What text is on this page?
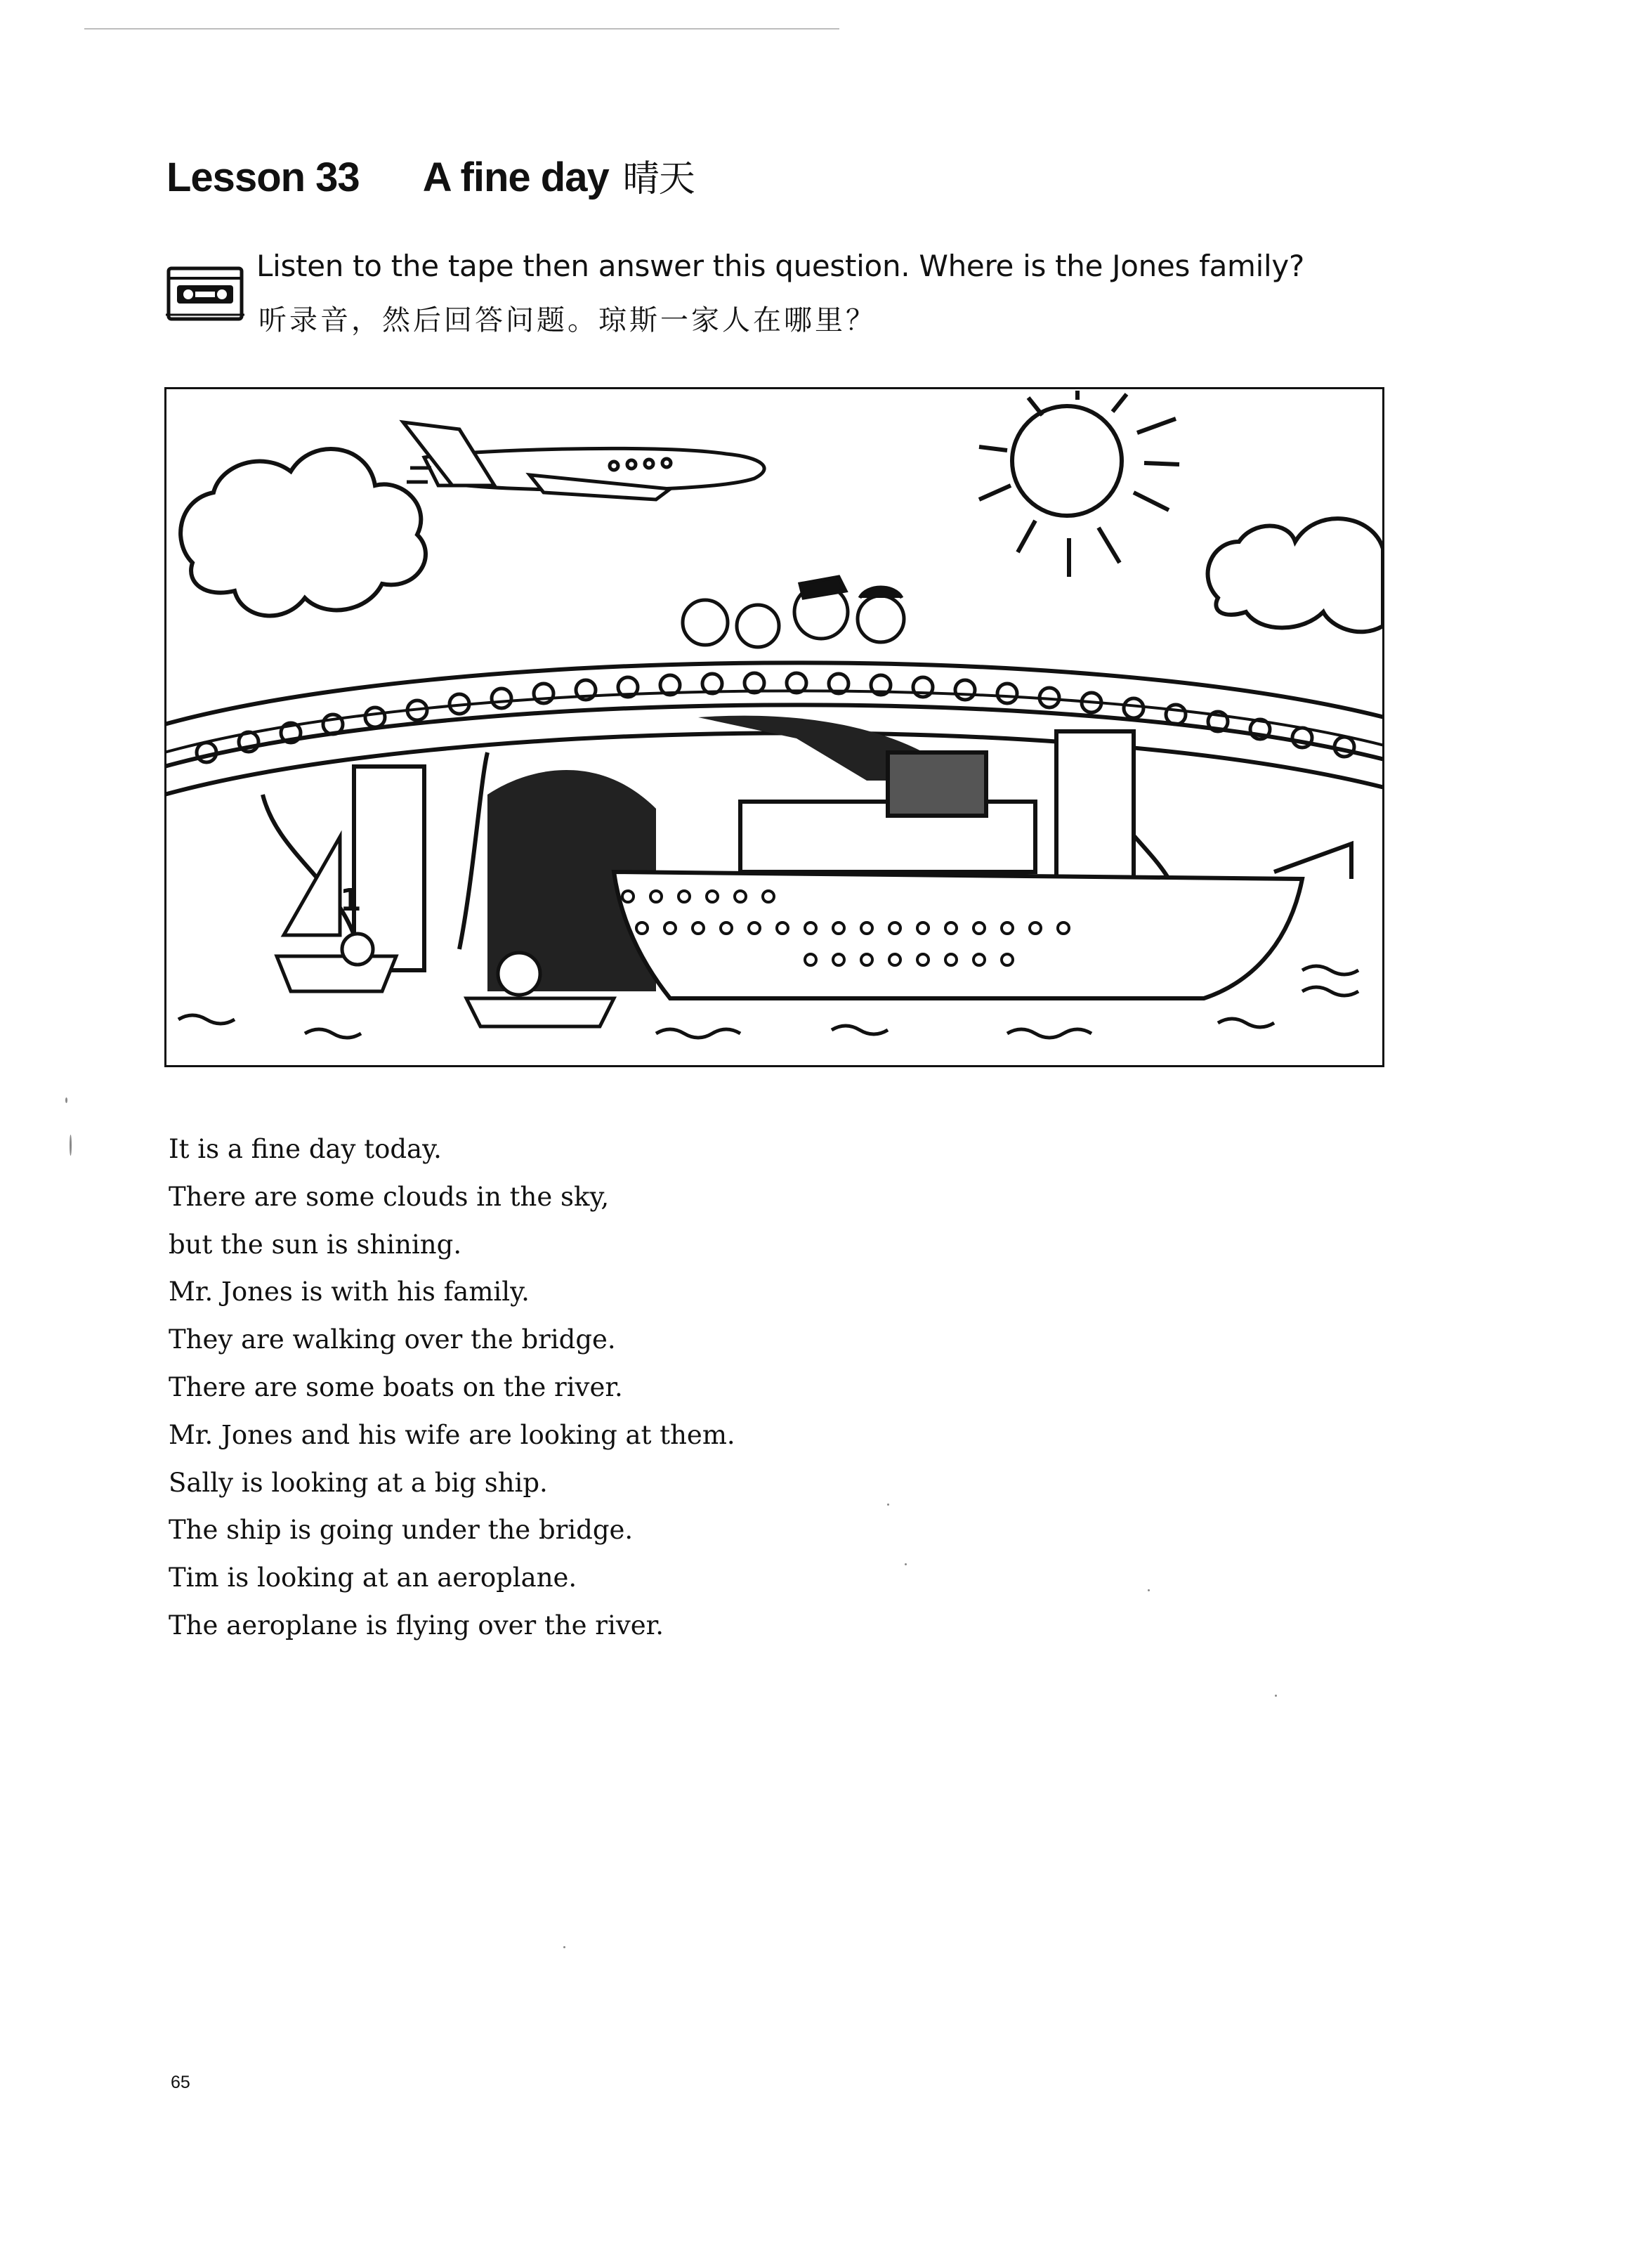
Lesson 33 A fine day 晴天

Listen to the tape then answer this question. Where is the Jones family?

听录音，然后回答问题。琼斯一家人在哪里？

1
It is a fine day today.
There are some clouds in the sky,
but the sun is shining.
Mr. Jones is with his family.
They are walking over the bridge.
There are some boats on the river.
Mr. Jones and his wife are looking at them.
Sally is looking at a big ship.
The ship is going under the bridge.
Tim is looking at an aeroplane.
The aeroplane is flying over the river.
65
